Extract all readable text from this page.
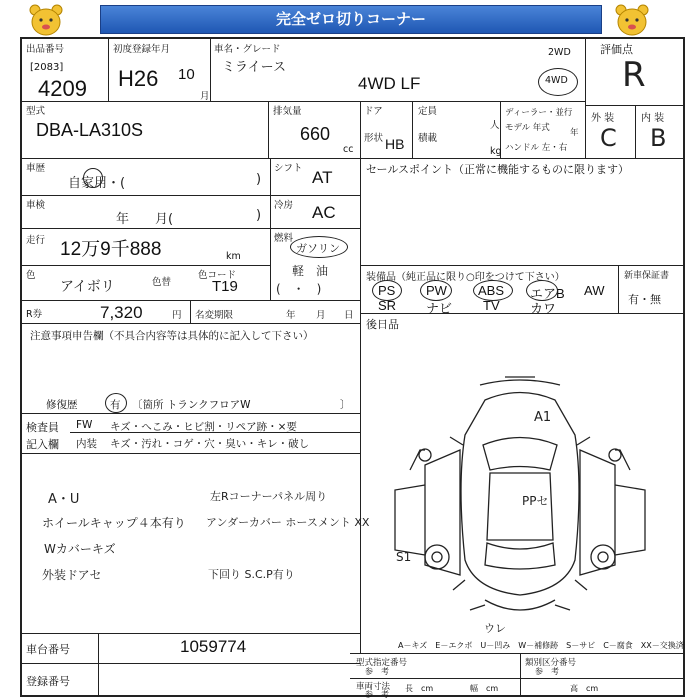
完全ゼロ切りコーナー
出品番号
[2083]
4209
初度登録年月
H26 10
月
車名・グレード
ミライース
4WD LF
2WD
4WD
評価点
R
型式
DBA-LA310S
排気量
660
cc
ドア	定員
人
形状 HB 積載
kg
ディーラー・並行
モデル 年式 年
ハンドル 左・右
外 装	内 装
C B
車歴
自家用・(	)
車検
年　　月(	)
走行 12万9千888	km
色
アイボリ	色替
色コード
T19
R券	7,320	円 名変期限	年 月 日
シフト AT
冷房 AC
燃料
ガソリン
軽　油
(　・　)
セールスポイント（正常に機能するものに限ります）
装備品（純正品に限り○印をつけて下さい）
PS PW ABS エアB AW
SR ナビ TV カワ
新車保証書
有・無
後日品
注意事項申告欄（不具合内容等は具体的に記入して下さい）
修復歴	有 〔箇所 トランクフロアW	〕
検査員
記入欄
FW キズ・へこみ・ヒビ割・リペア跡・×要
内装 キズ・汚れ・コゲ・穴・臭い・キレ・破し
A・U
ホイールキャップ４本有り
Wカバーキズ
外装ドアセ
左Rコーナーパネル周り
アンダーカバー ホースメント XX
下回り S.C.P有り
A1
PPセ
S1
ウレ
A－キズ　E－エクボ　U－凹み　W－補修跡　S－サビ　C－腐食　XX－交換済
車台番号	1059774
登録番号
型式指定番号
参　考
類別区分番号
参　考
車両寸法
参　考
長　cm	幅　cm	高　cm
